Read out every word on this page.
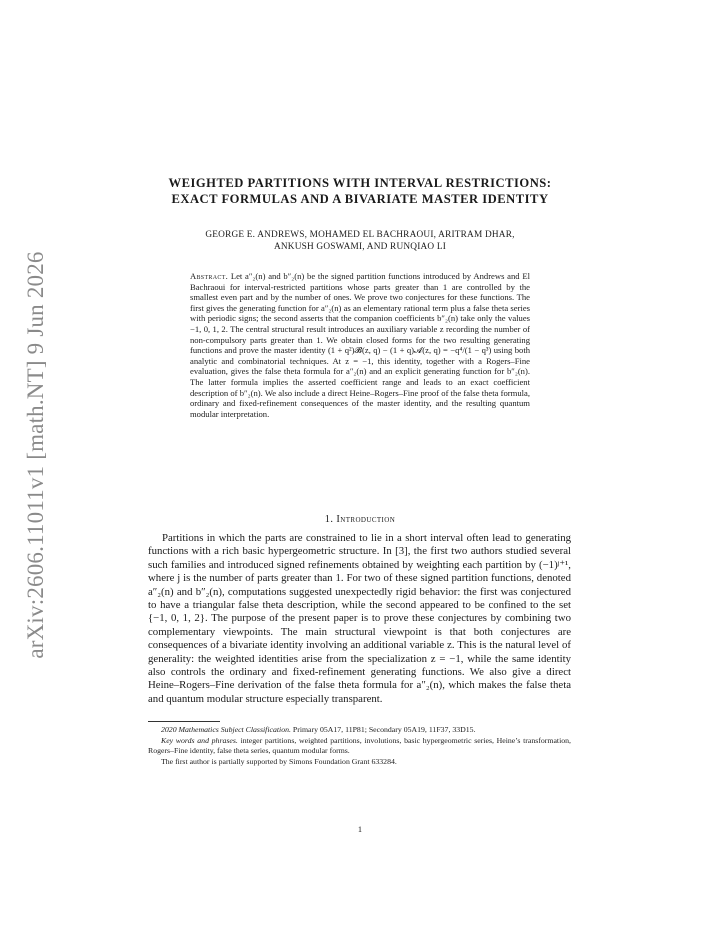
arXiv:2606.11011v1 [math.NT] 9 Jun 2026
WEIGHTED PARTITIONS WITH INTERVAL RESTRICTIONS:
EXACT FORMULAS AND A BIVARIATE MASTER IDENTITY
GEORGE E. ANDREWS, MOHAMED EL BACHRAOUI, ARITRAM DHAR,
ANKUSH GOSWAMI, AND RUNQIAO LI

Abstract. Let a″₂(n) and b″₂(n) be the signed partition functions introduced by Andrews and El Bachraoui for interval-restricted partitions whose parts greater than 1 are controlled by the smallest even part and by the number of ones. We prove two conjectures for these functions. The first gives the generating function for a″₂(n) as an elementary rational term plus a false theta series with periodic signs; the second asserts that the companion coefficients b″₂(n) take only the values −1, 0, 1, 2. The central structural result introduces an auxiliary variable z recording the number of non-compulsory parts greater than 1. We obtain closed forms for the two resulting generating functions and prove the master identity (1 + q²)𝓑(z, q) − (1 + q)𝓐(z, q) = −q⁴/(1 − q³) using both analytic and combinatorial techniques. At z = −1, this identity, together with a Rogers–Fine evaluation, gives the false theta formula for a″₂(n) and an explicit generating function for b″₂(n). The latter formula implies the asserted coefficient range and leads to an exact coefficient description of b″₂(n). We also include a direct Heine–Rogers–Fine proof of the false theta formula, ordinary and fixed-refinement consequences of the master identity, and the resulting quantum modular interpretation.

1. Introduction

Partitions in which the parts are constrained to lie in a short interval often lead to generating functions with a rich basic hypergeometric structure. In [3], the first two authors studied several such families and introduced signed refinements obtained by weighting each partition by (−1)ʲ⁺¹, where j is the number of parts greater than 1. For two of these signed partition functions, denoted a″₂(n) and b″₂(n), computations suggested unexpectedly rigid behavior: the first was conjectured to have a triangular false theta description, while the second appeared to be confined to the set {−1, 0, 1, 2}. The purpose of the present paper is to prove these conjectures by combining two complementary viewpoints. The main structural viewpoint is that both conjectures are consequences of a bivariate identity involving an additional variable z. This is the natural level of generality: the weighted identities arise from the specialization z = −1, while the same identity also controls the ordinary and fixed-refinement generating functions. We also give a direct Heine–Rogers–Fine derivation of the false theta formula for a″₂(n), which makes the false theta and quantum modular structure especially transparent.

2020 Mathematics Subject Classification. Primary 05A17, 11P81; Secondary 05A19, 11F37, 33D15.

Key words and phrases. integer partitions, weighted partitions, involutions, basic hypergeometric series, Heine’s transformation, Rogers–Fine identity, false theta series, quantum modular forms.

The first author is partially supported by Simons Foundation Grant 633284.

1
